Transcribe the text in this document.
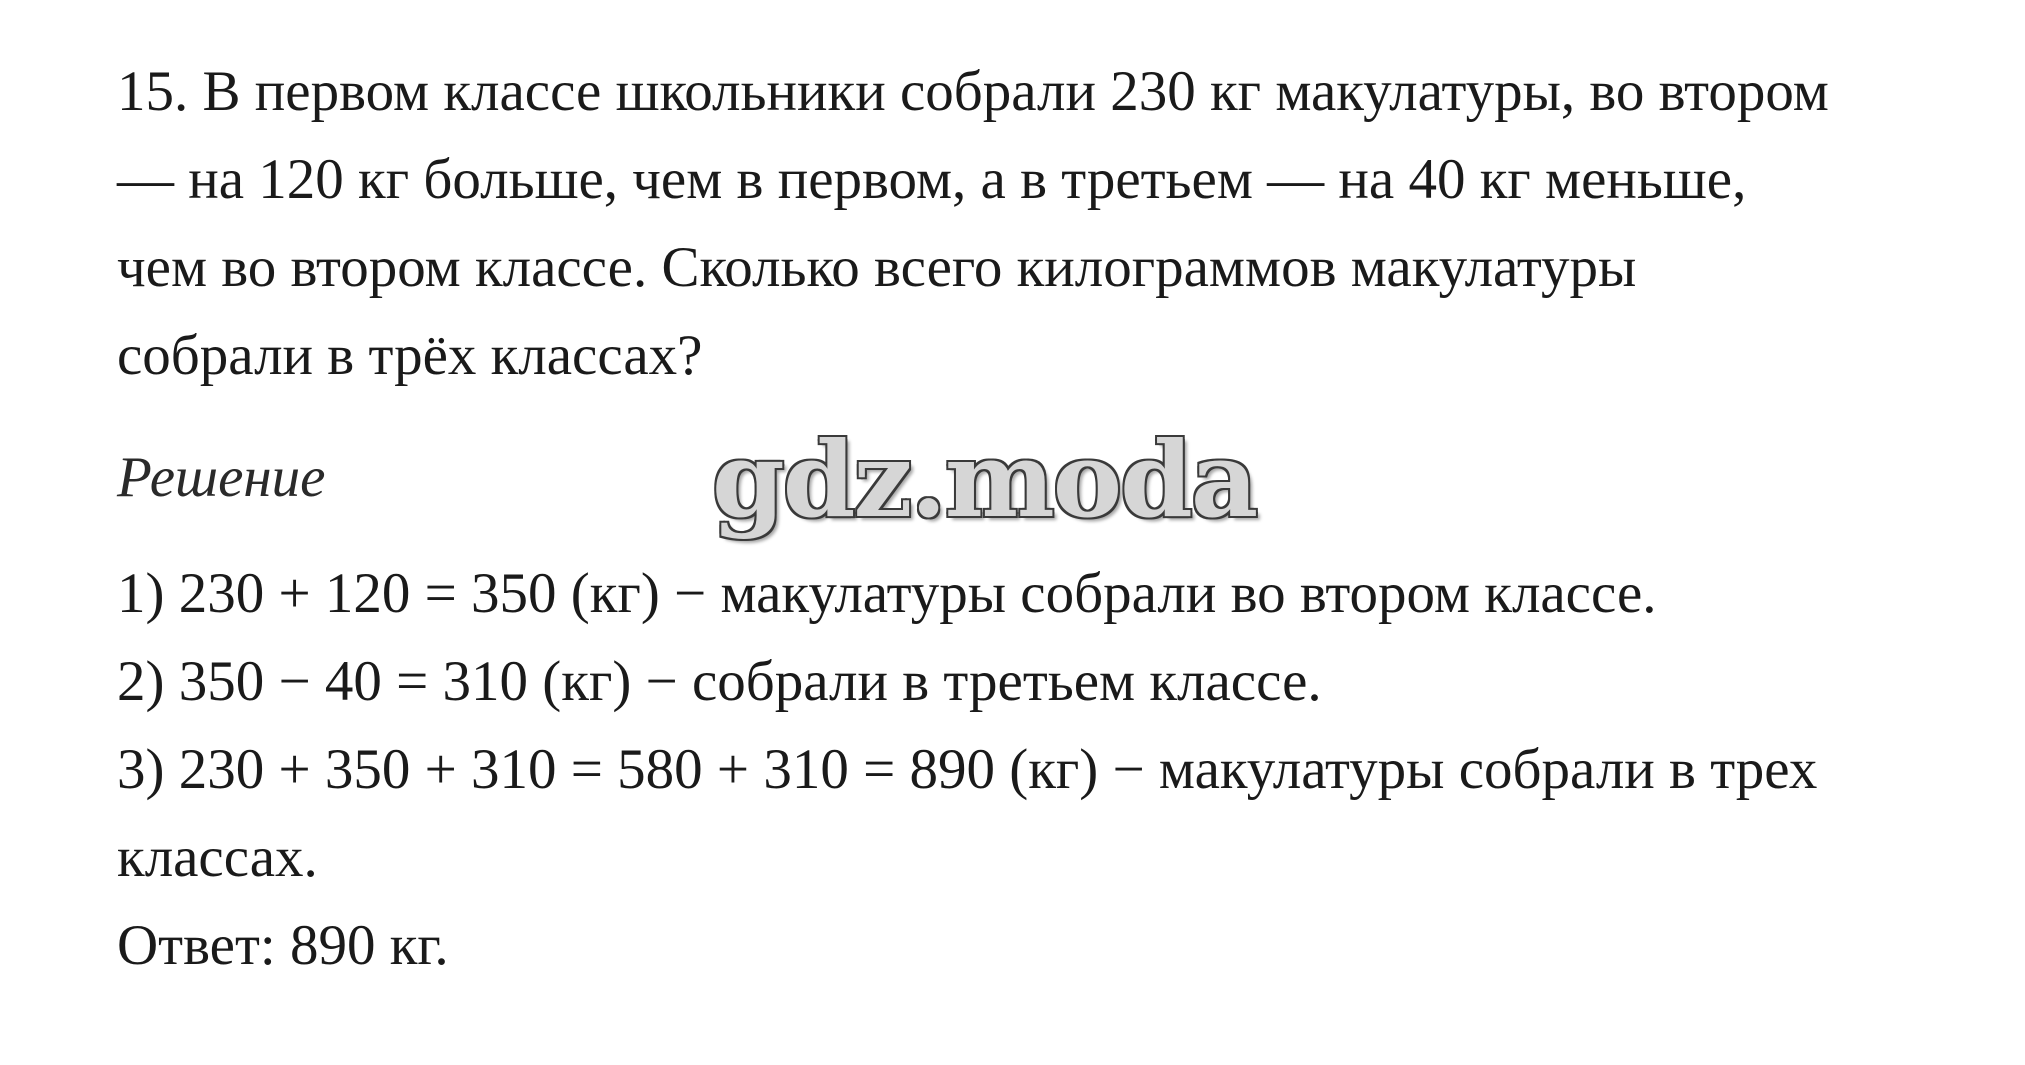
15. В первом классе школьники собрали 230 кг макулатуры, во втором
— на 120 кг больше, чем в первом, а в третьем — на 40 кг меньше,
чем во втором классе. Сколько всего килограммов макулатуры
собрали в трёх классах?
Решение	gdz.moda
1) 230 + 120 = 350 (кг) − макулатуры собрали во втором классе.
2) 350 − 40 = 310 (кг) − собрали в третьем классе.
3) 230 + 350 + 310 = 580 + 310 = 890 (кг) − макулатуры собрали в трех
классах.
Ответ: 890 кг.
